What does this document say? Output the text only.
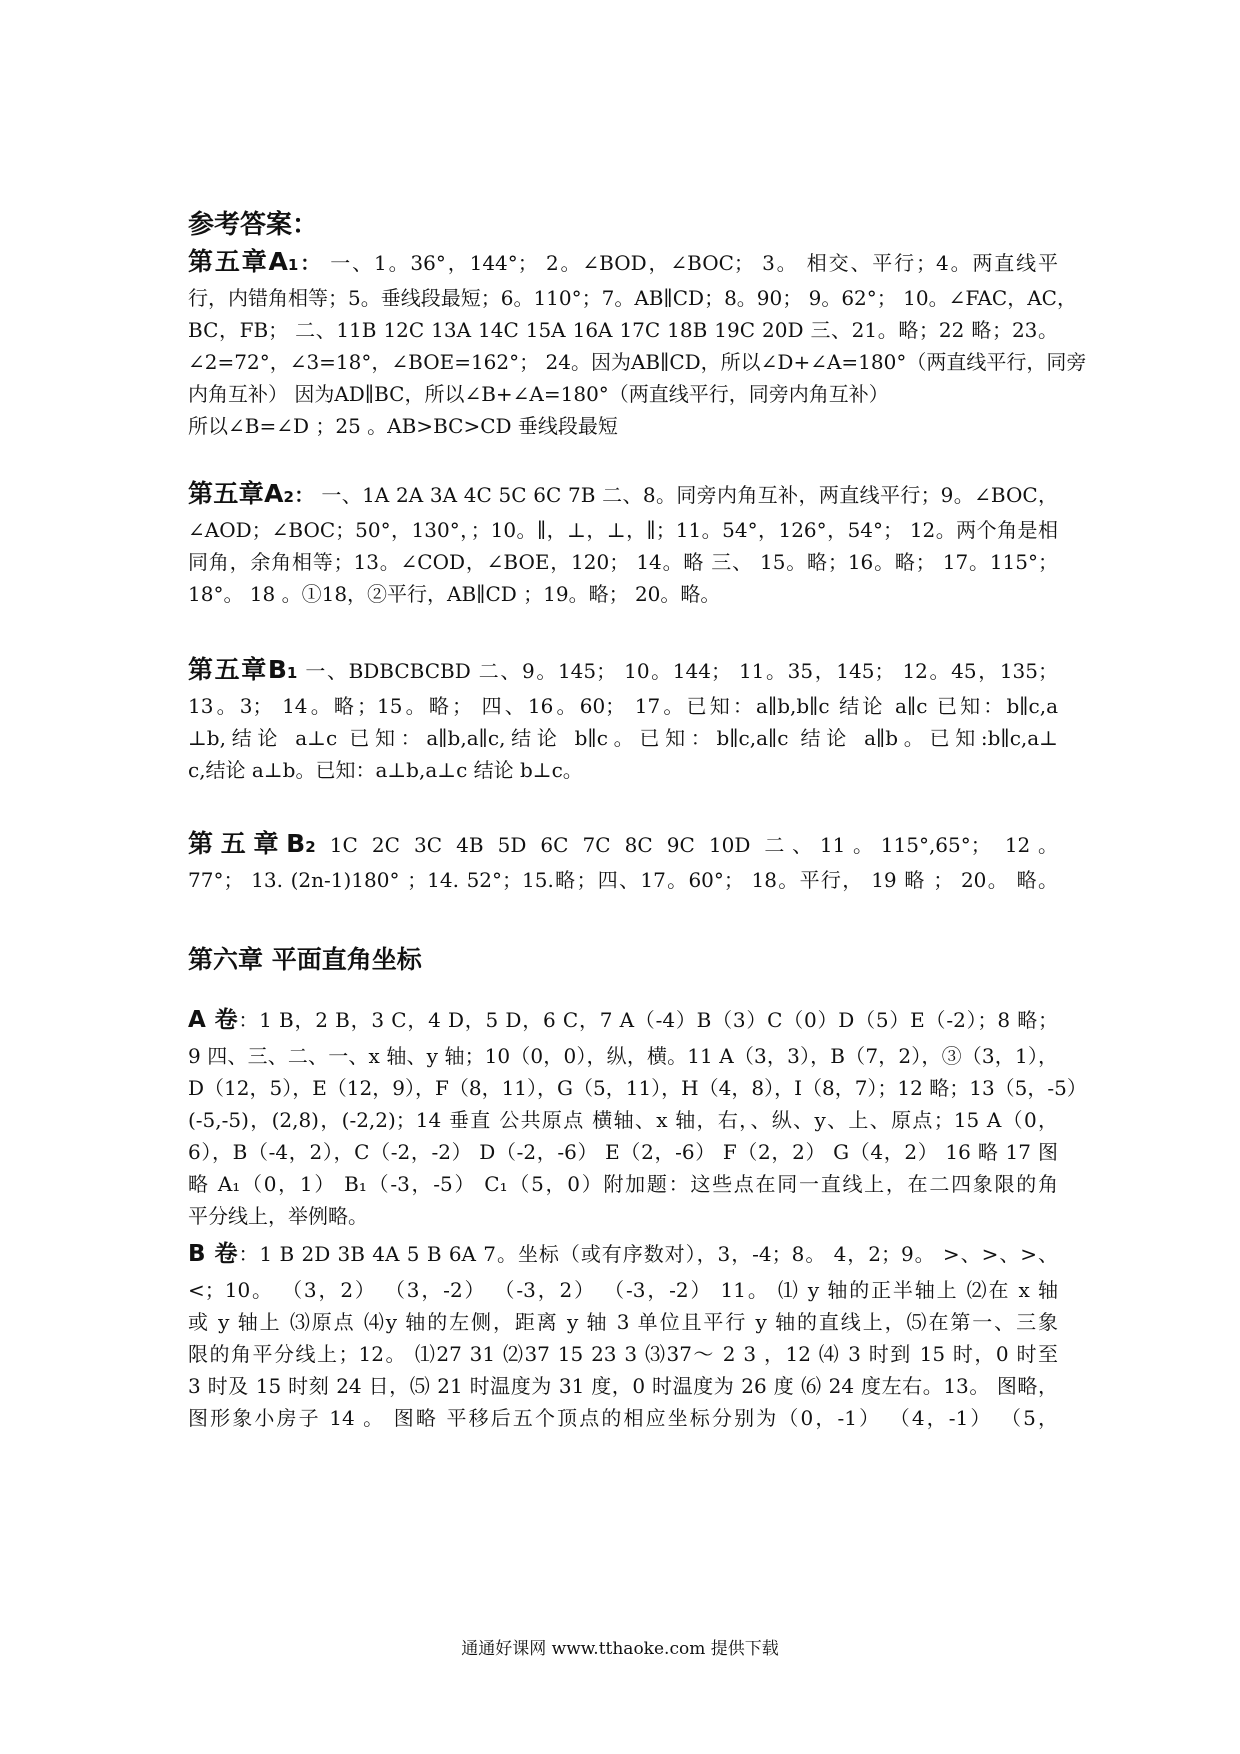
参考答案：
第五章A1： 一、1。36°，144°； 2。∠BOD，∠BOC； 3。 相交、平行；4。两直线平
行，内错角相等；5。垂线段最短；6。110°；7。AB∥CD；8。90； 9。62°； 10。∠FAC，AC，
BC，FB； 二、11B 12C 13A 14C 15A 16A 17C 18B 19C 20D 三、21。略；22 略；23。
∠2=72°，∠3=18°，∠BOE=162°； 24。因为AB∥CD，所以∠D+∠A=180°（两直线平行，同旁
内角互补） 因为AD∥BC，所以∠B+∠A=180°（两直线平行，同旁内角互补）
所以∠B=∠D ；25 。AB>BC>CD 垂线段最短
第五章A2： 一、1A 2A 3A 4C 5C 6C 7B 二、8。同旁内角互补，两直线平行；9。∠BOC，
∠AOD；∠BOC；50°，130°，；10。∥，⊥，⊥，∥；11。54°，126°，54°； 12。两个角是相
同角，余角相等；13。∠COD，∠BOE，120； 14。略 三、 15。略；16。略； 17。115°；
18°。 18 。①18，②平行，AB∥CD ；19。略； 20。略。
第五章B1 一、BDBCBCBD 二、9。145； 10。144； 11。35，145； 12。45，135；
13。3； 14。略；15。略； 四、16。60； 17。已知：a∥b,b∥c 结论 a∥c 已知：b∥c,a
⊥b,结论 a⊥c 已知：a∥b,a∥c,结论 b∥c。已知：b∥c,a∥c 结论 a∥b。已知:b∥c,a⊥
c,结论 a⊥b。已知：a⊥b,a⊥c 结论 b⊥c。
第五章B2 1C 2C 3C 4B 5D 6C 7C 8C 9C 10D 二、11。115°,65°； 12。
77°； 13. (2n-1)180° ；14. 52°；15.略；四、17。60°； 18。平行， 19 略 ； 20。 略。
第六章 平面直角坐标
A 卷：1 B，2 B，3 C，4 D，5 D，6 C，7 A（-4）B（3）C（0）D（5）E（-2）；8 略；
9 四、三、二、一、x 轴、y 轴；10（0，0），纵，横。11 A（3，3），B（7，2），③（3，1），
D（12，5），E（12，9），F（8，11），G（5，11），H（4，8），I（8，7）；12 略；13（5，-5）
(-5,-5)，(2,8)，(-2,2)；14 垂直 公共原点 横轴、x 轴，右，、纵、y、上、原点；15 A（0，
6），B（-4，2），C（-2，-2） D（-2，-6） E（2，-6） F（2，2） G（4，2） 16 略 17 图
略 A₁（0，1） B₁（-3，-5） C₁（5，0）附加题：这些点在同一直线上，在二四象限的角
平分线上，举例略。
B 卷：1 B 2D 3B 4A 5 B 6A 7。坐标（或有序数对），3，-4；8。 4，2；9。 >、>、>、
<；10。 （3，2） （3，-2） （-3，2） （-3，-2） 11。 ⑴ y 轴的正半轴上 ⑵在 x 轴
或 y 轴上 ⑶原点 ⑷y 轴的左侧，距离 y 轴 3 单位且平行 y 轴的直线上，⑸在第一、三象
限的角平分线上；12。 ⑴27 31 ⑵37 15 23 3 ⑶37～ 2 3 ，12 ⑷ 3 时到 15 时，0 时至
3 时及 15 时刻 24 日，⑸ 21 时温度为 31 度，0 时温度为 26 度 ⑹ 24 度左右。13。 图略，
图形象小房子 14 。 图略 平移后五个顶点的相应坐标分别为（0，-1） （4，-1） （5，
通通好课网 www.tthaoke.com 提供下载
